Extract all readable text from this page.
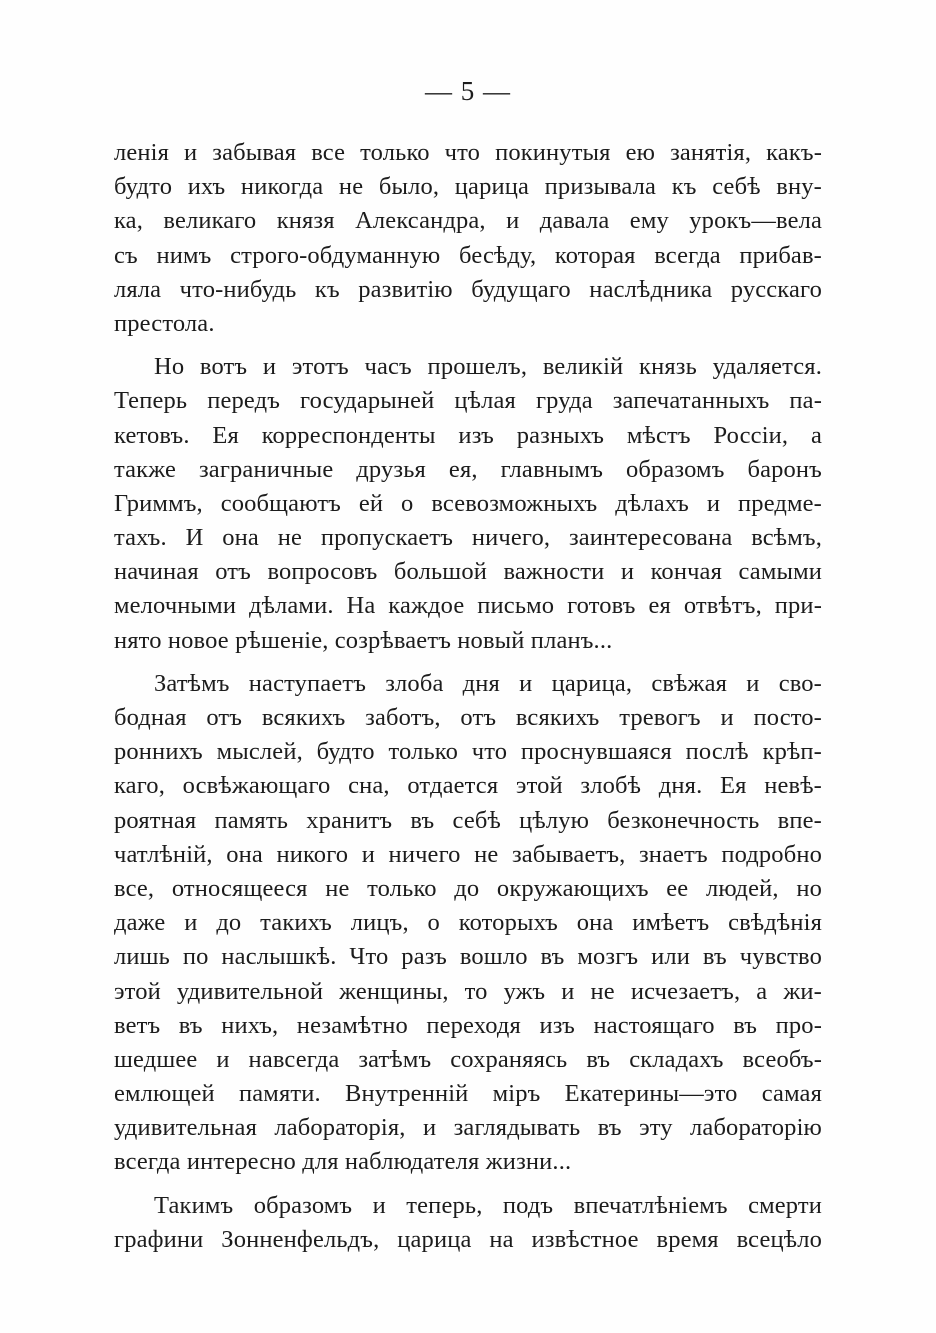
— 5 —
ленія и забывая все только что покинутыя ею занятія, какъ-
будто ихъ никогда не было, царица призывала къ себѣ вну-
ка, великаго князя Александра, и давала ему урокъ—вела
съ нимъ строго-обдуманную бесѣду, которая всегда прибав-
ляла что-нибудь къ развитію будущаго наслѣдника русскаго
престола.
Но вотъ и этотъ часъ прошелъ, великій князь удаляется.
Теперь передъ государыней цѣлая груда запечатанныхъ па-
кетовъ. Ея корреспонденты изъ разныхъ мѣстъ Россіи, а
также заграничные друзья ея, главнымъ образомъ баронъ
Гриммъ, сообщаютъ ей о всевозможныхъ дѣлахъ и предме-
тахъ. И она не пропускаетъ ничего, заинтересована всѣмъ,
начиная отъ вопросовъ большой важности и кончая самыми
мелочными дѣлами. На каждое письмо готовъ ея отвѣтъ, при-
нято новое рѣшеніе, созрѣваетъ новый планъ...
Затѣмъ наступаетъ злоба дня и царица, свѣжая и сво-
бодная отъ всякихъ заботъ, отъ всякихъ тревогъ и посто-
роннихъ мыслей, будто только что проснувшаяся послѣ крѣп-
каго, освѣжающаго сна, отдается этой злобѣ дня. Ея невѣ-
роятная память хранитъ въ себѣ цѣлую безконечность впе-
чатлѣній, она никого и ничего не забываетъ, знаетъ подробно
все, относящееся не только до окружающихъ ее людей, но
даже и до такихъ лицъ, о которыхъ она имѣетъ свѣдѣнія
лишь по наслышкѣ. Что разъ вошло въ мозгъ или въ чувство
этой удивительной женщины, то ужъ и не исчезаетъ, а жи-
ветъ въ нихъ, незамѣтно переходя изъ настоящаго въ про-
шедшее и навсегда затѣмъ сохраняясь въ складахъ всеобъ-
емлющей памяти. Внутренній міръ Екатерины—это самая
удивительная лабораторія, и заглядывать въ эту лабораторію
всегда интересно для наблюдателя жизни...
Такимъ образомъ и теперь, подъ впечатлѣніемъ смерти
графини Зонненфельдъ, царица на извѣстное время всецѣло
